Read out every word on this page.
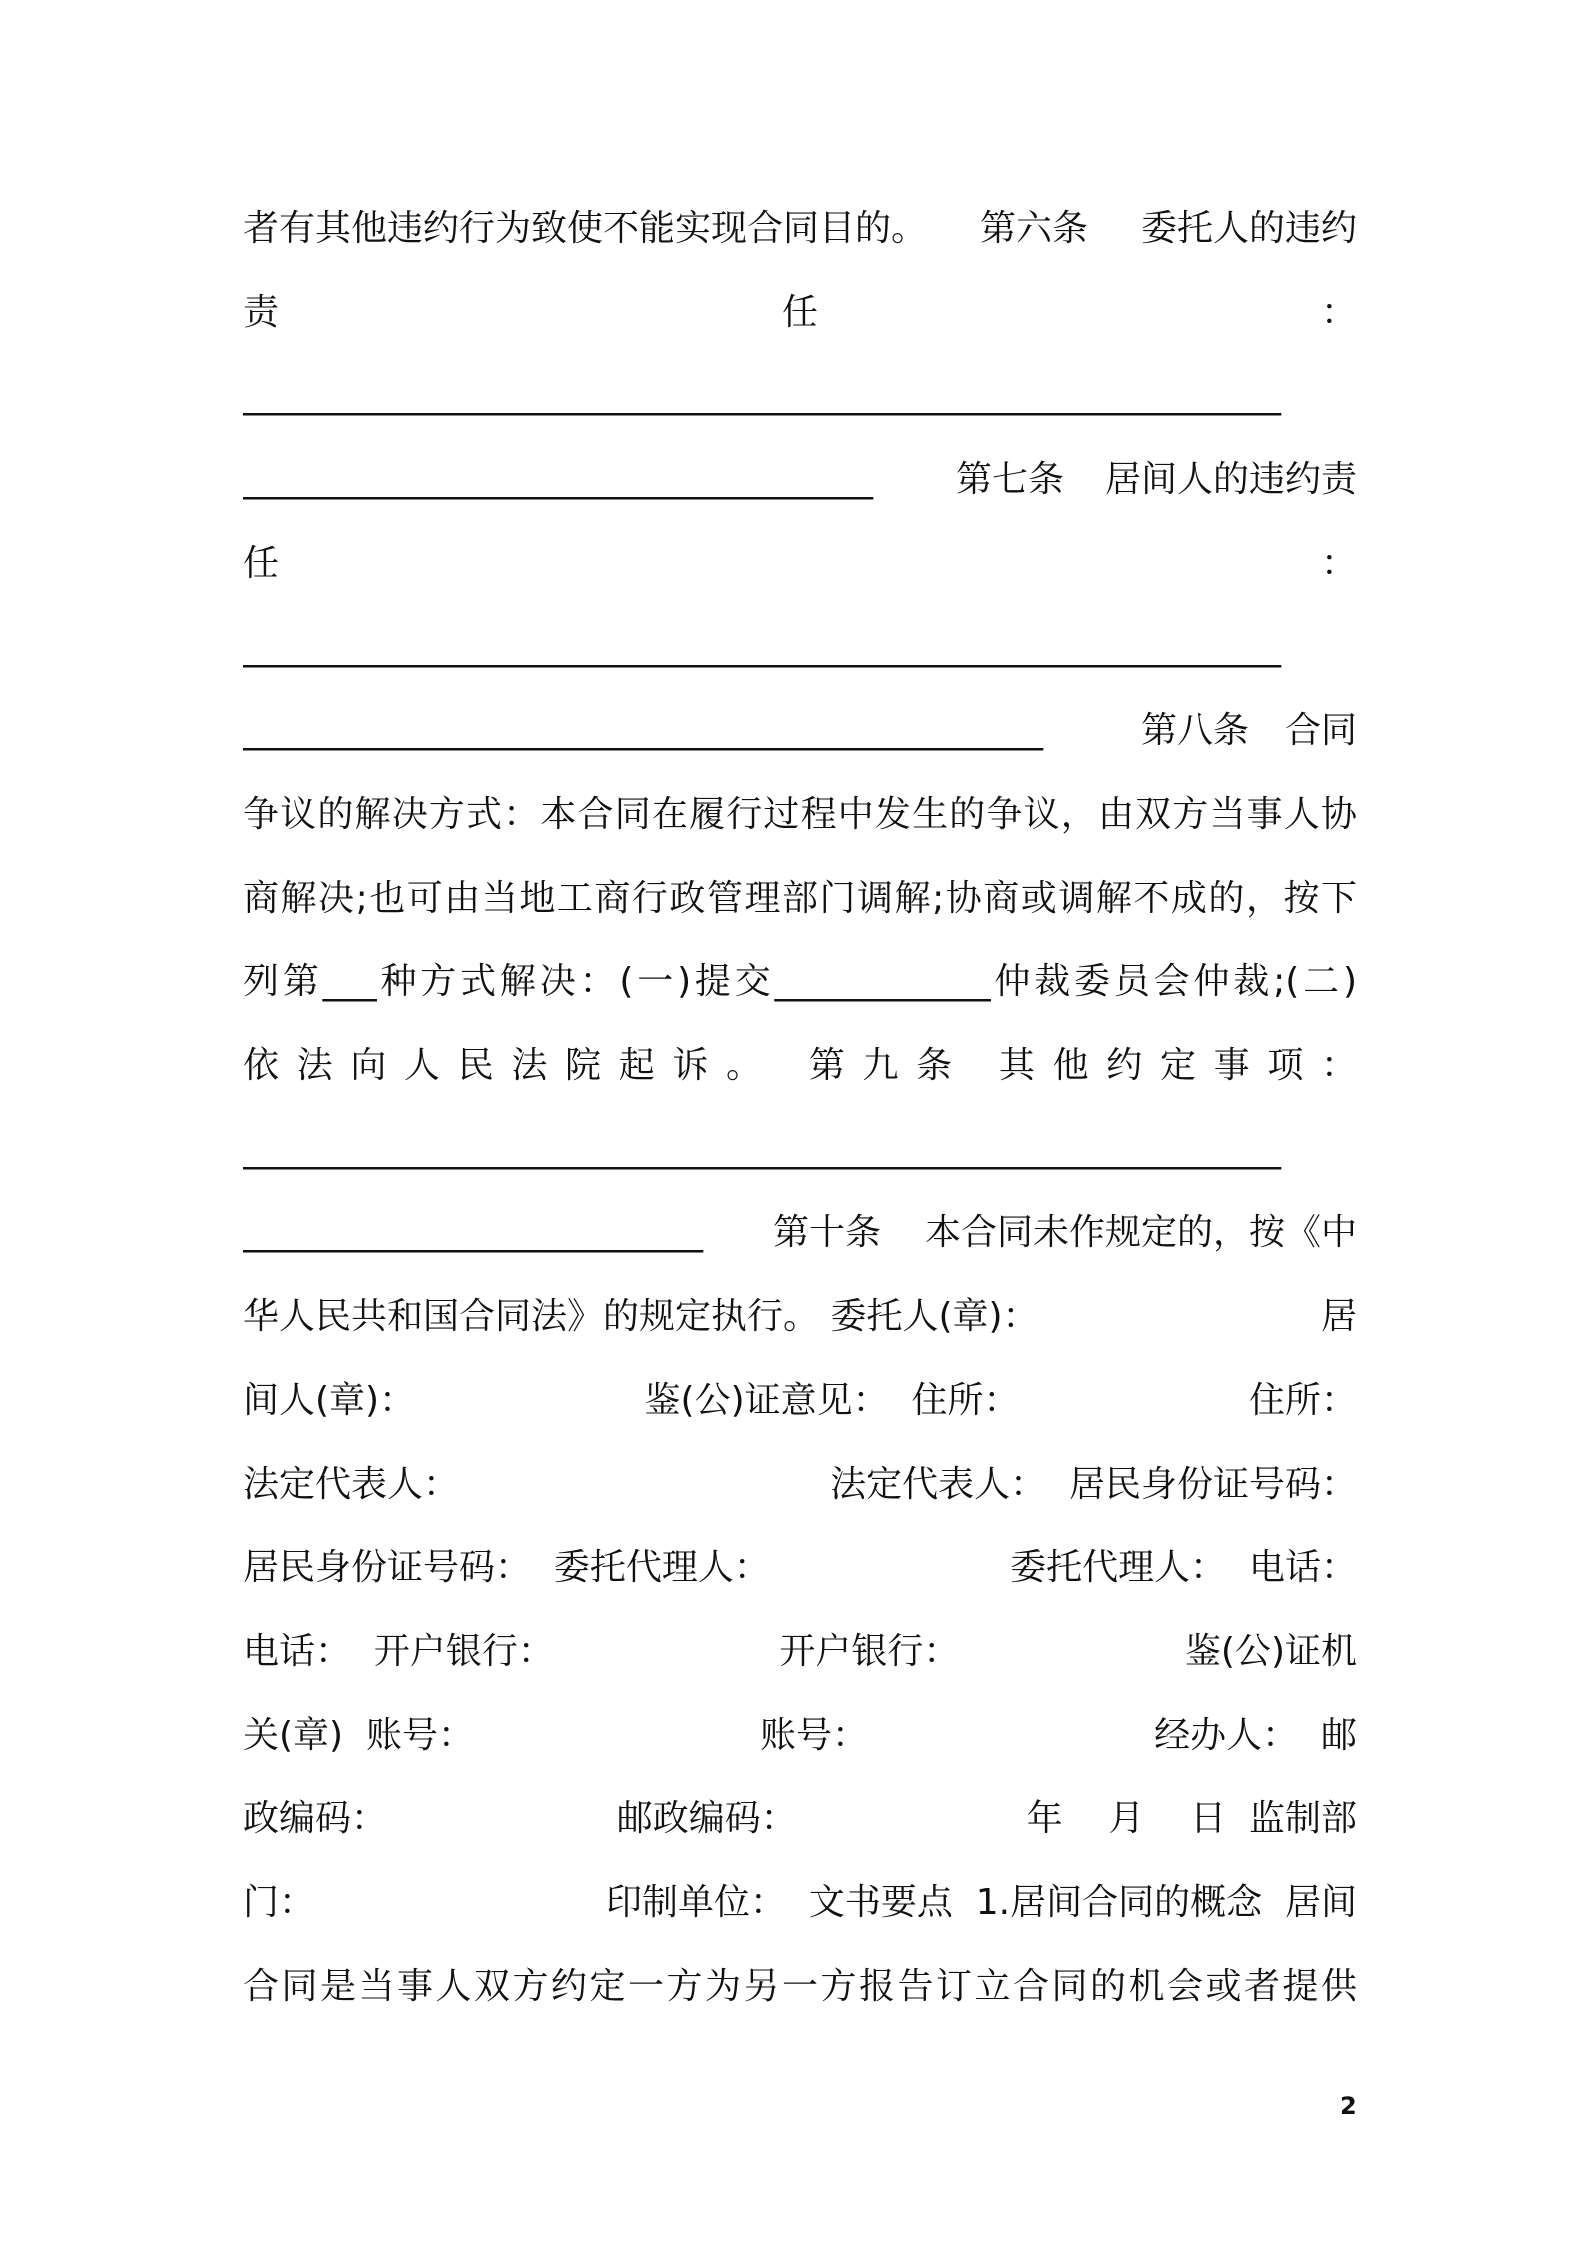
者有其他违约行为致使不能实现合同目的。 第六条 委托人的违约
责	任	：
_____________________________________________________________
_____________________________________	第七条 居间人的违约责
任	：
_____________________________________________________________
_______________________________________________	第八条 合同
争议的解决方式：本合同在履行过程中发生的争议，由双方当事人协
商解决;也可由当地工商行政管理部门调解;协商或调解不成的，按下
列第___种方式解决：(一)提交____________仲裁委员会仲裁;(二)
依法向人民法院起诉。 第九条 其他约定事项：
_____________________________________________________________
___________________________	第十条 本合同未作规定的，按《中
华人民共和国合同法》的规定执行。 委托人(章)：	居
间人(章)：	鉴(公)证意见：  住所：	住所：
法定代表人：	法定代表人：  居民身份证号码：
居民身份证号码：  委托代理人：	委托代理人：  电话：
电话：  开户银行：	开户银行：	鉴(公)证机
关(章)  账号：	账号：	经办人：  邮
政编码：	邮政编码：	年    月    日  监制部
门：	印制单位：  文书要点  1.居间合同的概念  居间
合同是当事人双方约定一方为另一方报告订立合同的机会或者提供
2
